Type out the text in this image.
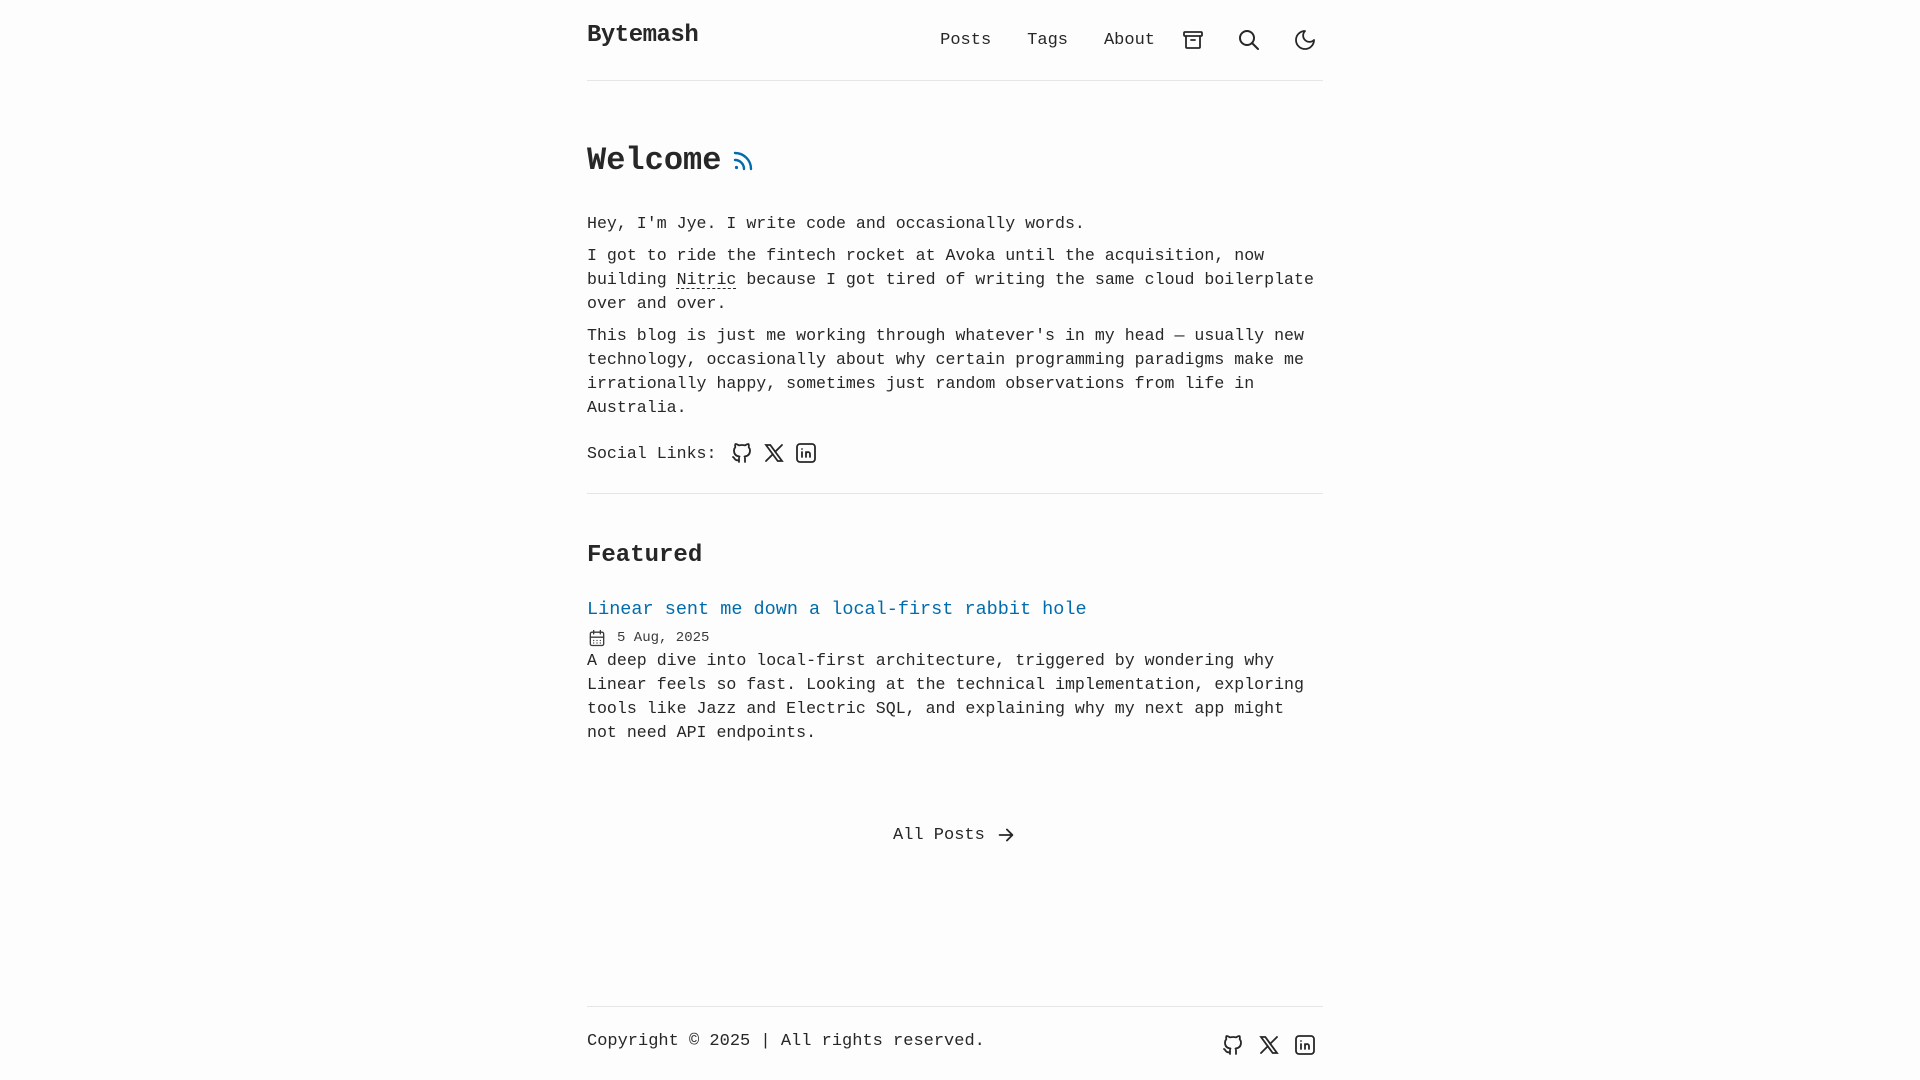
Bytemash	Posts Tags About
Welcome

Hey, I'm Jye. I write code and occasionally words.

I got to ride the fintech rocket at Avoka until the acquisition, now building Nitric because I got tired of writing the same cloud boilerplate over and over.

This blog is just me working through whatever's in my head — usually new technology, occasionally about why certain programming paradigms make me irrationally happy, sometimes just random observations from life in Australia.

Social Links:
Featured
Linear sent me down a local-first rabbit hole
5 Aug, 2025

A deep dive into local-first architecture, triggered by wondering why Linear feels so fast. Looking at the technical implementation, exploring tools like Jazz and Electric SQL, and explaining why my next app might not need API endpoints.

All Posts
Copyright © 2025 | All rights reserved.
